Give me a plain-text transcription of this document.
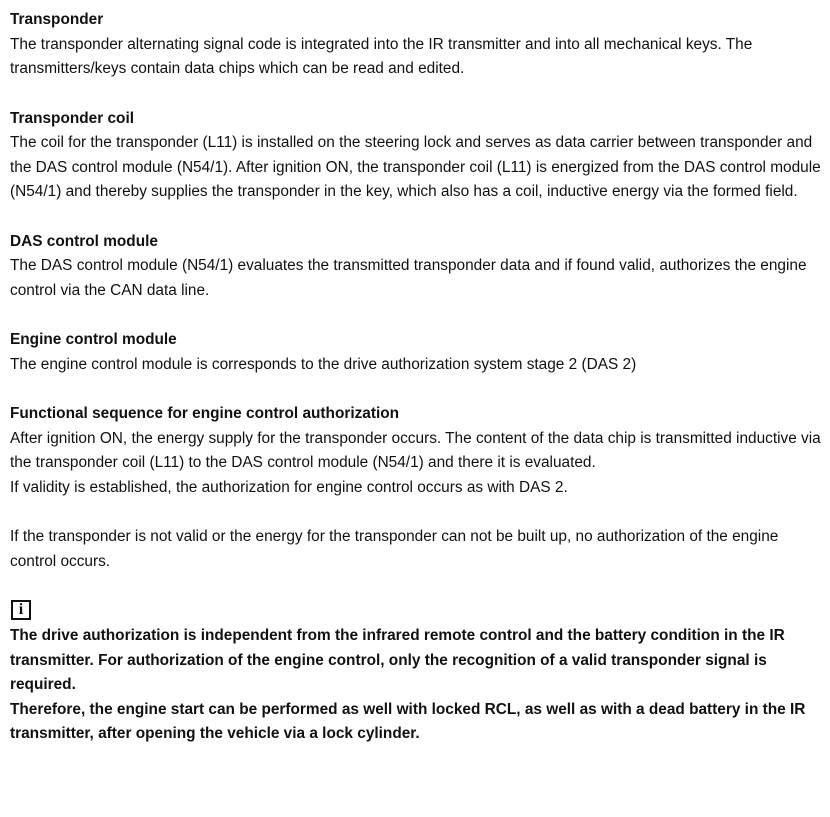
Transponder
The transponder alternating signal code is integrated into the IR transmitter and into all mechanical keys. The transmitters/keys contain data chips which can be read and edited.
Transponder coil
The coil for the transponder (L11) is installed on the steering lock and serves as data carrier between transponder and the DAS control module (N54/1). After ignition ON, the transponder coil (L11) is energized from the DAS control module (N54/1) and thereby supplies the transponder in the key, which also has a coil, inductive energy via the formed field.
DAS control module
The DAS control module (N54/1) evaluates the transmitted transponder data and if found valid, authorizes the engine control via the CAN data line.
Engine control module
The engine control module is corresponds to the drive authorization system stage 2 (DAS 2)
Functional sequence for engine control authorization
After ignition ON, the energy supply for the transponder occurs. The content of the data chip is transmitted inductive via the transponder coil (L11) to the DAS control module (N54/1) and there it is evaluated.
If validity is established, the authorization for engine control occurs as with DAS 2.
If the transponder is not valid or the energy for the transponder can not be built up, no authorization of the engine control occurs.
i
The drive authorization is independent from the infrared remote control and the battery condition in the IR transmitter. For authorization of the engine control, only the recognition of a valid transponder signal is required.
Therefore, the engine start can be performed as well with locked RCL, as well as with a dead battery in the IR transmitter, after opening the vehicle via a lock cylinder.
